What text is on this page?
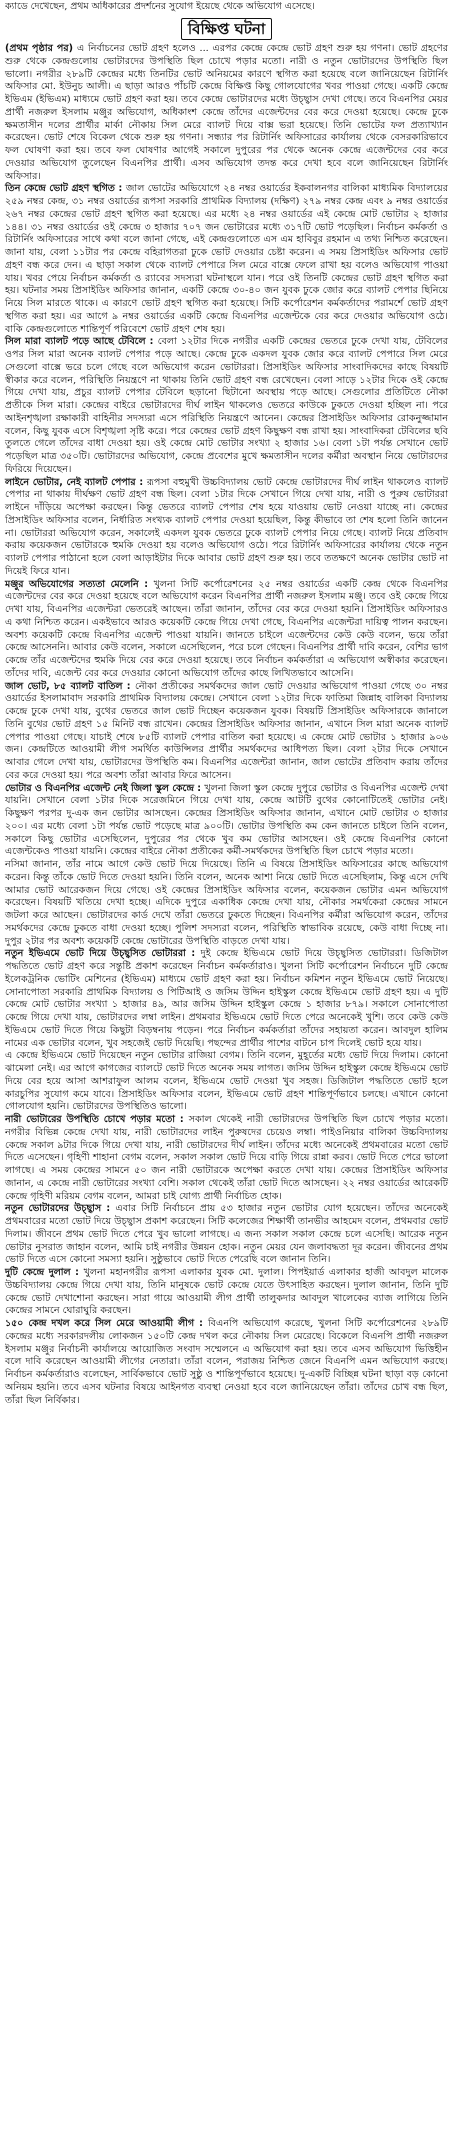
ক্যাডে দেখেছেন, প্রথম অধিকারের প্রদর্শনের সুযোগ ইয়েছে থেকে অভিযোগ এসেছে।
বিক্ষিপ্ত ঘটনা

(প্রথম পৃষ্ঠার পর) এ নির্বাচনের ভোট গ্রহণ হলেও ... এরপর কেন্দ্রে কেন্দ্রে ভোট গ্রহণ শুরু হয় গণনা। ভোট গ্রহণের শুরু থেকে কেন্দ্রগুলোয় ভোটারদের উপস্থিতি ছিল চোখে পড়ার মতো। নারী ও নতুন ভোটারদের উপস্থিতি ছিল ভালো। নগরীর ২৮৯টি কেন্দ্রের মধ্যে তিনটির ভোট অনিয়মের কারণে স্থগিত করা হয়েছে বলে জানিয়েছেন রিটার্নিং অফিসার মো. ইউনুচ আলী। এ ছাড়া আরও পাঁচটি কেন্দ্রে বিক্ষিপ্ত কিছু গোলযোগের খবর পাওয়া গেছে। একটি কেন্দ্রে ইভিএম (ইভিএম) মাধ্যমে ভোট গ্রহণ করা হয়। তবে কেন্দ্রে ভোটারদের মধ্যে উচ্ছ্বাস দেখা গেছে। তবে বিএনপির মেয়র প্রার্থী নজরুল ইসলাম মঞ্জুর অভিযোগ, অধিকাংশ কেন্দ্রে তাঁদের এজেন্টদের বের করে দেওয়া হয়েছে। কেন্দ্রে ঢুকে ক্ষমতাসীন দলের প্রার্থীর মার্কা নৌকায় সিল মেরে ব্যালট দিয়ে বাক্স ভরা হয়েছে। তিনি ভোটের ফল প্রত্যাখ্যান করেছেন। ভোট শেষে বিকেল থেকে শুরু হয় গণনা। সন্ধ্যার পর রিটার্নিং অফিসারের কার্যালয় থেকে বেসরকারিভাবে ফল ঘোষণা করা হয়। তবে ফল ঘোষণার আগেই সকালে দুপুরের পর থেকে অনেক কেন্দ্রে এজেন্টদের বের করে দেওয়ার অভিযোগ তুলেছেন বিএনপির প্রার্থী। এসব অভিযোগ তদন্ত করে দেখা হবে বলে জানিয়েছেন রিটার্নিং অফিসার।

তিন কেন্দ্রে ভোট গ্রহণ স্থগিত : জাল ভোটের অভিযোগে ২৪ নম্বর ওয়ার্ডের ইকবালনগর বালিকা মাধ্যমিক বিদ্যালয়ের ২৫৯ নম্বর কেন্দ্র, ৩১ নম্বর ওয়ার্ডের রূপসা সরকারি প্রাথমিক বিদ্যালয় (দক্ষিণ) ২৭৯ নম্বর কেন্দ্র এবং ৯ নম্বর ওয়ার্ডের ২৬৭ নম্বর কেন্দ্রের ভোট গ্রহণ স্থগিত করা হয়েছে। এর মধ্যে ২৪ নম্বর ওয়ার্ডের এই কেন্দ্রে মোট ভোটার ২ হাজার ১৪৪। ৩১ নম্বর ওয়ার্ডের ওই কেন্দ্রে ৩ হাজার ৭০৭ জন ভোটারের মধ্যে ৩১৭টি ভোট পড়েছিল। নির্বাচন কর্মকর্তা ও রিটার্নিং অফিসারের সাথে কথা বলে জানা গেছে, এই কেন্দ্রগুলোতে এস এম হাবিবুর রহমান এ তথ্য নিশ্চিত করেছেন। জানা যায়, বেলা ১১টার পর কেন্দ্রে বহিরাগতরা ঢুকে ভোট দেওয়ার চেষ্টা করেন। এ সময় প্রিসাইডিং অফিসার ভোট গ্রহণ বন্ধ করে দেন। এ ছাড়া সকাল থেকে ব্যালট পেপারে সিল মেরে বাক্সে ফেলে রাখা হয় বলেও অভিযোগ পাওয়া যায়। খবর পেয়ে নির্বাচন কর্মকর্তা ও র‍্যাবের সদস্যরা ঘটনাস্থলে যান। পরে ওই তিনটি কেন্দ্রের ভোট গ্রহণ স্থগিত করা হয়। ঘটনার সময় প্রিসাইডিং অফিসার জানান, একটি কেন্দ্রে ৩০-৪০ জন যুবক ঢুকে জোর করে ব্যালট পেপার ছিনিয়ে নিয়ে সিল মারতে থাকে। এ কারণে ভোট গ্রহণ স্থগিত করা হয়েছে। সিটি কর্পোরেশন কর্মকর্তাদের পরামর্শে ভোট গ্রহণ স্থগিত করা হয়। এর আগে ৯ নম্বর ওয়ার্ডের একটি কেন্দ্রে বিএনপির এজেন্টকে বের করে দেওয়ার অভিযোগ ওঠে। বাকি কেন্দ্রগুলোতে শান্তিপূর্ণ পরিবেশে ভোট গ্রহণ শেষ হয়।

সিল মারা ব্যালট পড়ে আছে টেবিলে : বেলা ১২টার দিকে নগরীর একটি কেন্দ্রের ভেতরে ঢুকে দেখা যায়, টেবিলের ওপর সিল মারা অনেক ব্যালট পেপার পড়ে আছে। কেন্দ্রে ঢুকে একদল যুবক জোর করে ব্যালট পেপারে সিল মেরে সেগুলো বাক্সে ভরে চলে গেছে বলে অভিযোগ করেন ভোটাররা। প্রিসাইডিং অফিসার সাংবাদিকদের কাছে বিষয়টি স্বীকার করে বলেন, পরিস্থিতি নিয়ন্ত্রণে না থাকায় তিনি ভোট গ্রহণ বন্ধ রেখেছেন। বেলা সাড়ে ১২টার দিকে ওই কেন্দ্রে গিয়ে দেখা যায়, প্রচুর ব্যালট পেপার টেবিলে ছড়ানো ছিটানো অবস্থায় পড়ে আছে। সেগুলোর প্রতিটিতে নৌকা প্রতীকে সিল মারা। কেন্দ্রের বাইরে ভোটারদের দীর্ঘ লাইন থাকলেও ভেতরে কাউকে ঢুকতে দেওয়া হচ্ছিল না। পরে আইনশৃঙ্খলা রক্ষাকারী বাহিনীর সদস্যরা এসে পরিস্থিতি নিয়ন্ত্রণে আনেন। কেন্দ্রের প্রিসাইডিং অফিসার রোকনুজ্জামান বলেন, কিছু যুবক এসে বিশৃঙ্খলা সৃষ্টি করে। পরে কেন্দ্রের ভোট গ্রহণ কিছুক্ষণ বন্ধ রাখা হয়। সাংবাদিকরা টেবিলের ছবি তুলতে গেলে তাঁদের বাধা দেওয়া হয়। ওই কেন্দ্রে মোট ভোটার সংখ্যা ২ হাজার ১৬। বেলা ১টা পর্যন্ত সেখানে ভোট পড়েছিল মাত্র ৩৫০টি। ভোটারদের অভিযোগ, কেন্দ্রে প্রবেশের মুখে ক্ষমতাসীন দলের কর্মীরা অবস্থান নিয়ে ভোটারদের ফিরিয়ে দিয়েছেন।

লাইনে ভোটার, নেই ব্যালট পেপার : রূপসা বহুমুখী উচ্চবিদ্যালয় ভোট কেন্দ্রে ভোটারদের দীর্ঘ লাইন থাকলেও ব্যালট পেপার না থাকায় দীর্ঘক্ষণ ভোট গ্রহণ বন্ধ ছিল। বেলা ১টার দিকে সেখানে গিয়ে দেখা যায়, নারী ও পুরুষ ভোটাররা লাইনে দাঁড়িয়ে অপেক্ষা করছেন। কিন্তু ভেতরে ব্যালট পেপার শেষ হয়ে যাওয়ায় ভোট নেওয়া যাচ্ছে না। কেন্দ্রের প্রিসাইডিং অফিসার বলেন, নির্ধারিত সংখ্যক ব্যালট পেপার দেওয়া হয়েছিল, কিন্তু কীভাবে তা শেষ হলো তিনি জানেন না। ভোটাররা অভিযোগ করেন, সকালেই একদল যুবক ভেতরে ঢুকে ব্যালট পেপার নিয়ে গেছে। ব্যালট নিয়ে প্রতিবাদ করায় কয়েকজন ভোটারকে হুমকি দেওয়া হয় বলেও অভিযোগ ওঠে। পরে রিটার্নিং অফিসারের কার্যালয় থেকে নতুন ব্যালট পেপার পাঠানো হলে বেলা আড়াইটার দিকে আবার ভোট গ্রহণ শুরু হয়। তবে ততক্ষণে অনেক ভোটার ভোট না দিয়েই ফিরে যান।

মঞ্জুর অভিযোগের সত্যতা মেলেনি : খুলনা সিটি কর্পোরেশনের ২৫ নম্বর ওয়ার্ডের একটি কেন্দ্র থেকে বিএনপির এজেন্টদের বের করে দেওয়া হয়েছে বলে অভিযোগ করেন বিএনপির প্রার্থী নজরুল ইসলাম মঞ্জু। তবে ওই কেন্দ্রে গিয়ে দেখা যায়, বিএনপির এজেন্টরা ভেতরেই আছেন। তাঁরা জানান, তাঁদের বের করে দেওয়া হয়নি। প্রিসাইডিং অফিসারও এ কথা নিশ্চিত করেন। একইভাবে আরও কয়েকটি কেন্দ্রে গিয়ে দেখা গেছে, বিএনপির এজেন্টরা দায়িত্ব পালন করছেন। অবশ্য কয়েকটি কেন্দ্রে বিএনপির এজেন্ট পাওয়া যায়নি। জানতে চাইলে এজেন্টদের কেউ কেউ বলেন, ভয়ে তাঁরা কেন্দ্রে আসেননি। আবার কেউ বলেন, সকালে এসেছিলেন, পরে চলে গেছেন। বিএনপির প্রার্থী দাবি করেন, বেশির ভাগ কেন্দ্রে তাঁর এজেন্টদের হুমকি দিয়ে বের করে দেওয়া হয়েছে। তবে নির্বাচন কর্মকর্তারা এ অভিযোগ অস্বীকার করেছেন। তাঁদের দাবি, এজেন্ট বের করে দেওয়ার কোনো অভিযোগ তাঁদের কাছে লিখিতভাবে আসেনি।

জাল ভোট, ৮৫ ব্যালট বাতিল : নৌকা প্রতীকের সমর্থকদের জাল ভোট দেওয়ার অভিযোগ পাওয়া গেছে ৩০ নম্বর ওয়ার্ডের ইসলামাবাদ সরকারি প্রাথমিক বিদ্যালয় কেন্দ্রে। সেখানে বেলা ১২টার দিকে ফাতিমা জিন্নাহ বালিকা বিদ্যালয় কেন্দ্রে ঢুকে দেখা যায়, বুথের ভেতরে জাল ভোট দিচ্ছেন কয়েকজন যুবক। বিষয়টি প্রিসাইডিং অফিসারকে জানালে তিনি বুথের ভোট গ্রহণ ১৫ মিনিট বন্ধ রাখেন। কেন্দ্রের প্রিসাইডিং অফিসার জানান, এখানে সিল মারা অনেক ব্যালট পেপার পাওয়া গেছে। যাচাই শেষে ৮৫টি ব্যালট পেপার বাতিল করা হয়েছে। এ কেন্দ্রে মোট ভোটার ১ হাজার ৯০৬ জন। কেন্দ্রটিতে আওয়ামী লীগ সমর্থিত কাউন্সিলর প্রার্থীর সমর্থকদের আধিপত্য ছিল। বেলা ২টার দিকে সেখানে আবার গেলে দেখা যায়, ভোটারদের উপস্থিতি কম। বিএনপির এজেন্টরা জানান, জাল ভোটের প্রতিবাদ করায় তাঁদের বের করে দেওয়া হয়। পরে অবশ্য তাঁরা আবার ফিরে আসেন।

ভোটার ও বিএনপির এজেন্ট নেই জিলা স্কুল কেন্দ্রে : খুলনা জিলা স্কুল কেন্দ্রে দুপুরে ভোটার ও বিএনপির এজেন্ট দেখা যায়নি। সেখানে বেলা ১টার দিকে সরেজমিনে গিয়ে দেখা যায়, কেন্দ্রে আটটি বুথের কোনোটিতেই ভোটার নেই। কিছুক্ষণ পরপর দু-এক জন ভোটার আসছেন। কেন্দ্রের প্রিসাইডিং অফিসার জানান, এখানে মোট ভোটার ৩ হাজার ২০০। এর মধ্যে বেলা ১টা পর্যন্ত ভোট পড়েছে মাত্র ৯০০টি। ভোটার উপস্থিতি কম কেন জানতে চাইলে তিনি বলেন, সকালে কিছু ভোটার এসেছিলেন, দুপুরের পর থেকে খুব কম ভোটার আসছেন। ওই কেন্দ্রে বিএনপির কোনো এজেন্টকেও পাওয়া যায়নি। কেন্দ্রের বাইরে নৌকা প্রতীকের কর্মী-সমর্থকদের উপস্থিতি ছিল চোখে পড়ার মতো।

নসিমা জানান, তাঁর নামে আগে কেউ ভোট দিয়ে দিয়েছে। তিনি এ বিষয়ে প্রিসাইডিং অফিসারের কাছে অভিযোগ করেন। কিন্তু তাঁকে ভোট দিতে দেওয়া হয়নি। তিনি বলেন, অনেক আশা নিয়ে ভোট দিতে এসেছিলাম, কিন্তু এসে দেখি আমার ভোট আরেকজন দিয়ে গেছে। ওই কেন্দ্রের প্রিসাইডিং অফিসার বলেন, কয়েকজন ভোটার এমন অভিযোগ করেছেন। বিষয়টি খতিয়ে দেখা হচ্ছে। এদিকে দুপুরে একাধিক কেন্দ্রে দেখা যায়, নৌকার সমর্থকেরা কেন্দ্রের সামনে জটলা করে আছেন। ভোটারদের কার্ড দেখে তাঁরা ভেতরে ঢুকতে দিচ্ছেন। বিএনপির কর্মীরা অভিযোগ করেন, তাঁদের সমর্থকদের কেন্দ্রে ঢুকতে বাধা দেওয়া হচ্ছে। পুলিশ সদস্যরা বলেন, পরিস্থিতি স্বাভাবিক রয়েছে, কেউ বাধা দিচ্ছে না। দুপুর ২টার পর অবশ্য কয়েকটি কেন্দ্রে ভোটারের উপস্থিতি বাড়তে দেখা যায়।

নতুন ইভিএমে ভোট দিয়ে উচ্ছ্বসিত ভোটাররা : দুই কেন্দ্রে ইভিএমে ভোট দিয়ে উচ্ছ্বসিত ভোটাররা। ডিজিটাল পদ্ধতিতে ভোট গ্রহণ করে সন্তুষ্টি প্রকাশ করেছেন নির্বাচন কর্মকর্তারাও। খুলনা সিটি কর্পোরেশন নির্বাচনে দুটি কেন্দ্রে ইলেকট্রনিক ভোটিং মেশিনের (ইভিএম) মাধ্যমে ভোট গ্রহণ করা হয়। নির্বাচন কমিশন নতুন ইভিএমে ভোট নিয়েছে। সোনাপোতা সরকারি প্রাথমিক বিদ্যালয় ও পিটিআই ও জসিম উদ্দিন হাইস্কুল কেন্দ্রে ইভিএমে ভোট গ্রহণ হয়। এ দুটি কেন্দ্রে মোট ভোটার সংখ্যা ১ হাজার ৪৯, আর জসিম উদ্দিন হাইস্কুল কেন্দ্রে ১ হাজার ৮৭৯। সকালে সোনাপোতা কেন্দ্রে গিয়ে দেখা যায়, ভোটারদের লম্বা লাইন। প্রথমবার ইভিএমে ভোট দিতে পেরে অনেকেই খুশি। তবে কেউ কেউ ইভিএমে ভোট দিতে গিয়ে কিছুটা বিড়ম্বনায় পড়েন। পরে নির্বাচন কর্মকর্তারা তাঁদের সহায়তা করেন। আবদুল হালিম নামের এক ভোটার বলেন, খুব সহজেই ভোট দিয়েছি। পছন্দের প্রার্থীর পাশের বাটনে চাপ দিলেই ভোট হয়ে যায়।

এ কেন্দ্রে ইভিএমে ভোট দিয়েছেন নতুন ভোটার রাজিয়া বেগম। তিনি বলেন, মুহূর্তের মধ্যে ভোট দিয়ে দিলাম। কোনো ঝামেলা নেই। এর আগে কাগজের ব্যালটে ভোট দিতে অনেক সময় লাগত। জসিম উদ্দিন হাইস্কুল কেন্দ্রে ইভিএমে ভোট দিয়ে বের হয়ে আসা আশরাফুল আলম বলেন, ইভিএমে ভোট দেওয়া খুব সহজ। ডিজিটাল পদ্ধতিতে ভোট হলে কারচুপির সুযোগ কমে যাবে। প্রিসাইডিং অফিসার বলেন, ইভিএমে ভোট গ্রহণ শান্তিপূর্ণভাবে চলছে। এখানে কোনো গোলযোগ হয়নি। ভোটারদের উপস্থিতিও ভালো।

নারী ভোটারের উপস্থিতি চোখে পড়ার মতো : সকাল থেকেই নারী ভোটারদের উপস্থিতি ছিল চোখে পড়ার মতো। নগরীর বিভিন্ন কেন্দ্রে দেখা যায়, নারী ভোটারদের লাইন পুরুষদের চেয়েও লম্বা। পাইওনিয়ার বালিকা উচ্চবিদ্যালয় কেন্দ্রে সকাল ৯টার দিকে গিয়ে দেখা যায়, নারী ভোটারদের দীর্ঘ লাইন। তাঁদের মধ্যে অনেকেই প্রথমবারের মতো ভোট দিতে এসেছেন। গৃহিণী শাহানা বেগম বলেন, সকাল সকাল ভোট দিয়ে বাড়ি গিয়ে রান্না করব। ভোট দিতে পেরে ভালো লাগছে। এ সময় কেন্দ্রের সামনে ৫০ জন নারী ভোটারকে অপেক্ষা করতে দেখা যায়। কেন্দ্রের প্রিসাইডিং অফিসার জানান, এ কেন্দ্রে নারী ভোটারের সংখ্যা বেশি। সকাল থেকেই তাঁরা ভোট দিতে আসছেন। ২২ নম্বর ওয়ার্ডের আরেকটি কেন্দ্রে গৃহিণী মরিয়ম বেগম বলেন, আমরা চাই যোগ্য প্রার্থী নির্বাচিত হোক।

নতুন ভোটারদের উচ্ছ্বাস : এবার সিটি নির্বাচনে প্রায় ৫৩ হাজার নতুন ভোটার যোগ হয়েছেন। তাঁদের অনেকেই প্রথমবারের মতো ভোট দিয়ে উচ্ছ্বাস প্রকাশ করেছেন। সিটি কলেজের শিক্ষার্থী তানভীর আহমেদ বলেন, প্রথমবার ভোট দিলাম। জীবনে প্রথম ভোট দিতে পেরে খুব ভালো লাগছে। এ জন্য সকাল সকাল কেন্দ্রে চলে এসেছি। আরেক নতুন ভোটার নুসরাত জাহান বলেন, আমি চাই নগরীর উন্নয়ন হোক। নতুন মেয়র যেন জলাবদ্ধতা দূর করেন। জীবনের প্রথম ভোট দিতে এসে কোনো সমস্যা হয়নি। সুষ্ঠুভাবে ভোট দিতে পেরেছি বলে জানান তিনি।

দুটি কেন্দ্রে দুলাল : খুলনা মহানগরীর রূপসা এলাকার যুবক মো. দুলাল। পিপইয়ার্ড এলাকার হাজী আবদুল মালেক উচ্চবিদ্যালয় কেন্দ্রে গিয়ে দেখা যায়, তিনি মানুষকে ভোট কেন্দ্রে যেতে উৎসাহিত করছেন। দুলাল জানান, তিনি দুটি কেন্দ্রে ভোট দেখাশোনা করছেন। সারা গায়ে আওয়ামী লীগ প্রার্থী তালুকদার আবদুল খালেকের ব্যাজ লাগিয়ে তিনি কেন্দ্রের সামনে ঘোরাঘুরি করছেন।

১৫০ কেন্দ্র দখল করে সিল মেরে আওয়ামী লীগ : বিএনপি অভিযোগ করেছে, খুলনা সিটি কর্পোরেশনের ২৮৯টি কেন্দ্রের মধ্যে সরকারদলীয় লোকজন ১৫০টি কেন্দ্র দখল করে নৌকায় সিল মেরেছে। বিকেলে বিএনপি প্রার্থী নজরুল ইসলাম মঞ্জুর নির্বাচনী কার্যালয়ে আয়োজিত সংবাদ সম্মেলনে এ অভিযোগ করা হয়। তবে এসব অভিযোগ ভিত্তিহীন বলে দাবি করেছেন আওয়ামী লীগের নেতারা। তাঁরা বলেন, পরাজয় নিশ্চিত জেনে বিএনপি এমন অভিযোগ করছে। নির্বাচন কর্মকর্তারাও বলেছেন, সার্বিকভাবে ভোট সুষ্ঠু ও শান্তিপূর্ণভাবে হয়েছে। দু-একটি বিচ্ছিন্ন ঘটনা ছাড়া বড় কোনো অনিয়ম হয়নি। তবে এসব ঘটনার বিষয়ে আইনগত ব্যবস্থা নেওয়া হবে বলে জানিয়েছেন তাঁরা। তাঁদের চোখ বন্ধ ছিল, তাঁরা ছিল নির্বিকার।
